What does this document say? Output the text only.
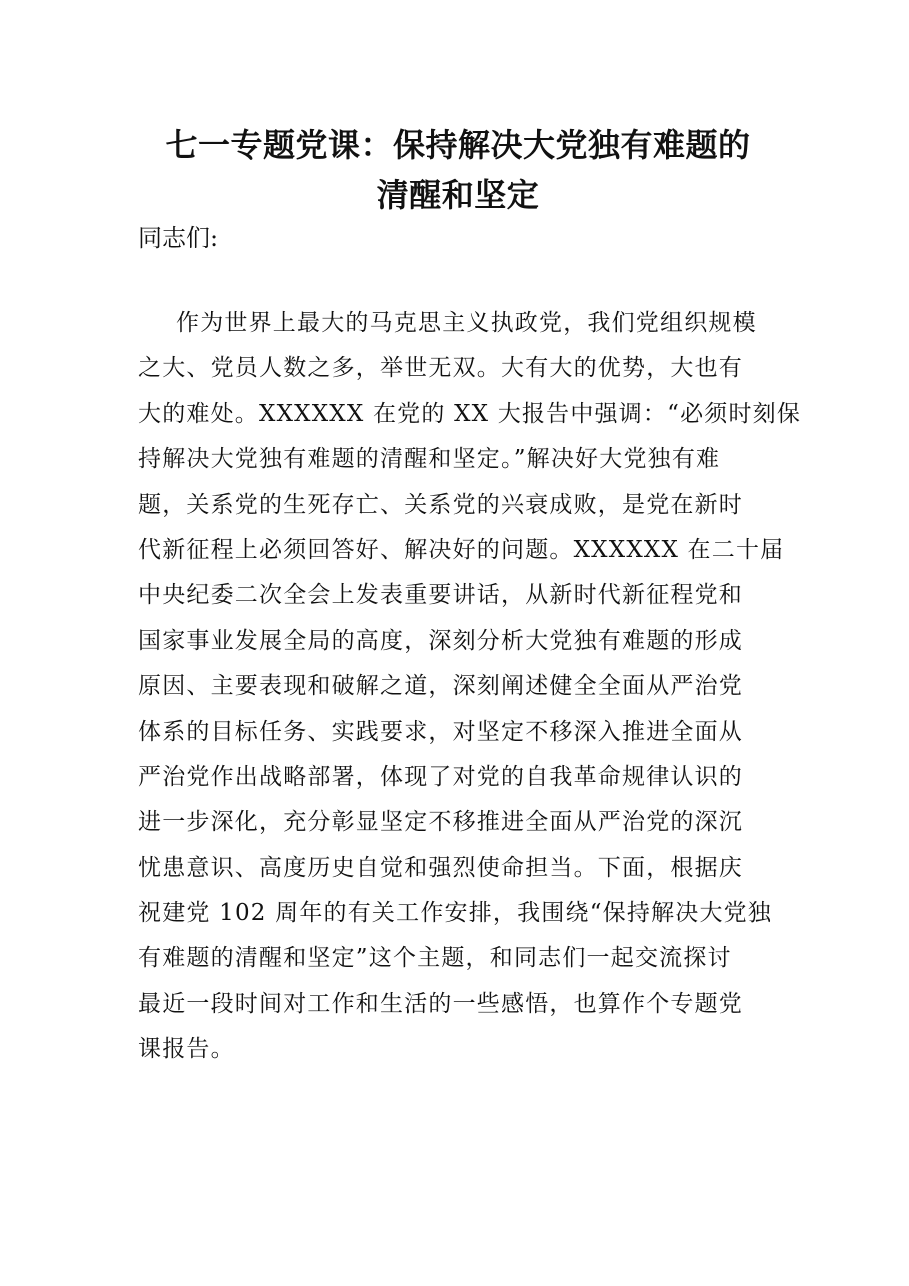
七一专题党课：保持解决大党独有难题的
清醒和坚定
同志们:
作为世界上最大的马克思主义执政党，我们党组织规模
之大、党员人数之多，举世无双。大有大的优势，大也有
大的难处。XXXXXX 在党的 XX 大报告中强调：“必须时刻保
持解决大党独有难题的清醒和坚定。”解决好大党独有难
题，关系党的生死存亡、关系党的兴衰成败，是党在新时
代新征程上必须回答好、解决好的问题。XXXXXX 在二十届
中央纪委二次全会上发表重要讲话，从新时代新征程党和
国家事业发展全局的高度，深刻分析大党独有难题的形成
原因、主要表现和破解之道，深刻阐述健全全面从严治党
体系的目标任务、实践要求，对坚定不移深入推进全面从
严治党作出战略部署，体现了对党的自我革命规律认识的
进一步深化，充分彰显坚定不移推进全面从严治党的深沉
忧患意识、高度历史自觉和强烈使命担当。下面，根据庆
祝建党 102 周年的有关工作安排，我围绕“保持解决大党独
有难题的清醒和坚定”这个主题，和同志们一起交流探讨
最近一段时间对工作和生活的一些感悟，也算作个专题党
课报告。
